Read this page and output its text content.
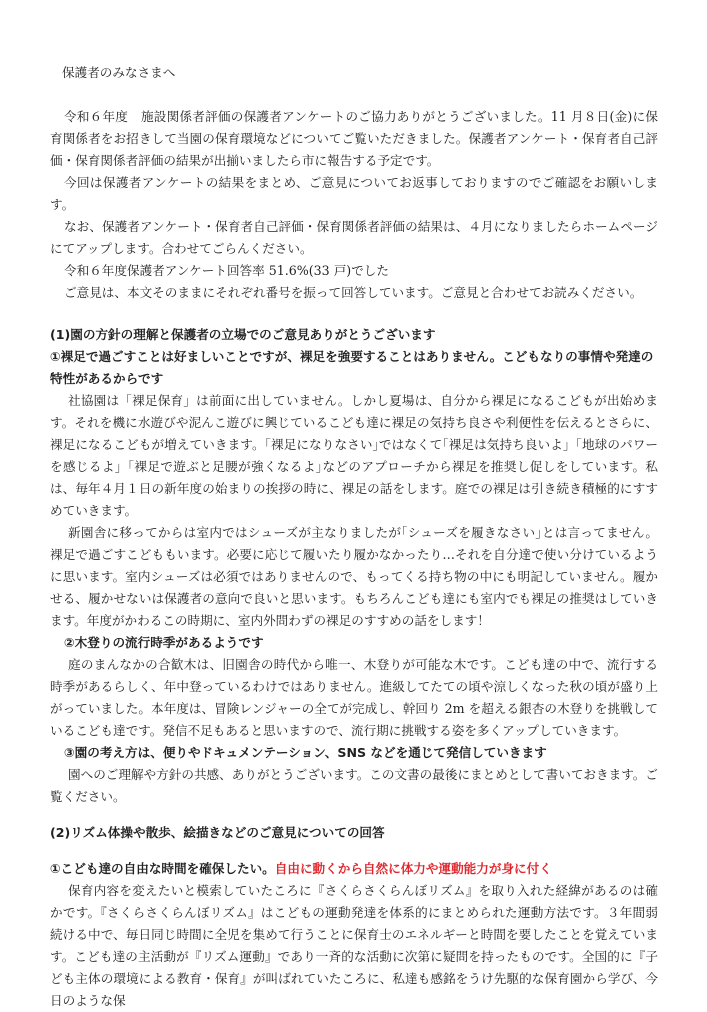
保護者のみなさまへ

令和６年度　施設関係者評価の保護者アンケートのご協力ありがとうございました。11 月８日(金)に保育関係者をお招きして当園の保育環境などについてご覧いただきました。保護者アンケート・保育者自己評価・保育関係者評価の結果が出揃いましたら市に報告する予定です。

今回は保護者アンケートの結果をまとめ、ご意見についてお返事しておりますのでご確認をお願いします。

なお、保護者アンケート・保育者自己評価・保育関係者評価の結果は、４月になりましたらホームページにてアップします。合わせてごらんください。

令和６年度保護者アンケート回答率 51.6%(33 戸)でした

ご意見は、本文そのままにそれぞれ番号を振って回答しています。ご意見と合わせてお読みください。

(1)園の方針の理解と保護者の立場でのご意見ありがとうございます

①裸足で過ごすことは好ましいことですが、裸足を強要することはありません。こどもなりの事情や発達の特性があるからです

社協園は「裸足保育」は前面に出していません。しかし夏場は、自分から裸足になるこどもが出始めます。それを機に水遊びや泥んこ遊びに興じているこども達に裸足の気持ち良さや利便性を伝えるとさらに、裸足になるこどもが増えていきます。｢裸足になりなさい｣ではなくて｢裸足は気持ち良いよ｣「地球のパワーを感じるよ」｢裸足で遊ぶと足腰が強くなるよ｣などのアプローチから裸足を推奨し促しをしています。私は、毎年４月１日の新年度の始まりの挨拶の時に、裸足の話をします。庭での裸足は引き続き積極的にすすめていきます。

新園舎に移ってからは室内ではシューズが主なりましたが｢シューズを履きなさい｣とは言ってません。裸足で過ごすこどももいます。必要に応じて履いたり履かなかったり…それを自分達で使い分けているように思います。室内シューズは必須ではありませんので、もってくる持ち物の中にも明記していません。履かせる、履かせないは保護者の意向で良いと思います。もちろんこども達にも室内でも裸足の推奨はしていきます。年度がかわるこの時期に、室内外問わずの裸足のすすめの話をします！

②木登りの流行時季があるようです

庭のまんなかの合歓木は、旧園舎の時代から唯一、木登りが可能な木です。こども達の中で、流行する時季があるらしく、年中登っているわけではありません。進級してたての頃や涼しくなった秋の頃が盛り上がっていました。本年度は、冒険レンジャーの全てが完成し、幹回り 2m を超える銀杏の木登りを挑戦しているこども達です。発信不足もあると思いますので、流行期に挑戦する姿を多くアップしていきます。

③園の考え方は、便りやドキュメンテーション、SNS などを通じて発信していきます

園へのご理解や方針の共感、ありがとうございます。この文書の最後にまとめとして書いておきます。ご覧ください。

(2)リズム体操や散歩、絵描きなどのご意見についての回答

①こども達の自由な時間を確保したい。自由に動くから自然に体力や運動能力が身に付く

保育内容を変えたいと模索していたころに『さくらさくらんぼリズム』を取り入れた経緯があるのは確かです。『さくらさくらんぼリズム』はこどもの運動発達を体系的にまとめられた運動方法です。３年間弱続ける中で、毎日同じ時間に全児を集めて行うことに保育士のエネルギーと時間を要したことを覚えています。こども達の主活動が『リズム運動』であり一斉的な活動に次第に疑問を持ったものです。全国的に『子ども主体の環境による教育・保育』が叫ばれていたころに、私達も感銘をうけ先駆的な保育園から学び、今日のような保
